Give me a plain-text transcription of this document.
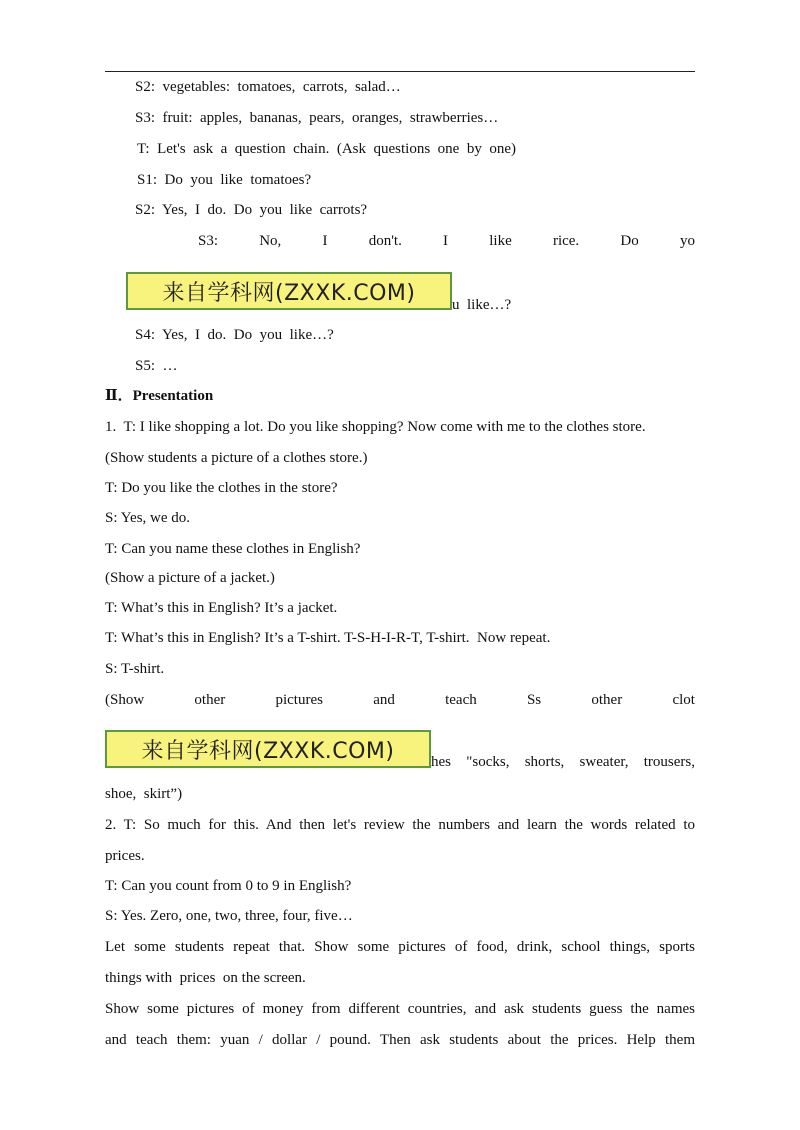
S2:  vegetables:  tomatoes,  carrots,  salad…
S3:  fruit:  apples,  bananas,  pears,  oranges,  strawberries…
T:  Let's  ask  a  question  chain.  (Ask  questions  one  by  one)
S1:  Do  you  like  tomatoes?
S2:  Yes,  I  do.  Do  you  like  carrots?
S3:	No,	I	don't.	I	like	rice.	Do	yo
来自学科网(ZXXK.COM) u  like…?
S4:  Yes,  I  do.  Do  you  like…?
S5:  …
Ⅱ．Presentation
1.  T: I like shopping a lot. Do you like shopping? Now come with me to the clothes store.
(Show students a picture of a clothes store.)
T: Do you like the clothes in the store?
S: Yes, we do.
T: Can you name these clothes in English?
(Show a picture of a jacket.)
T: What’s this in English? It’s a jacket.
T: What’s this in English? It’s a T-shirt. T-S-H-I-R-T, T-shirt.  Now repeat.
S: T-shirt.
(Show	other	pictures	and	teach	Ss	other	clot
来自学科网(ZXXK.COM) hes "socks, shorts, sweater, trousers,
shoe,  skirt”)
2. T: So much for this. And then let's review the numbers and learn the words related to
prices.
T: Can you count from 0 to 9 in English?
S: Yes. Zero, one, two, three, four, five…
Let some students repeat that. Show some pictures of food, drink, school things, sports
things with  prices  on the screen.
Show some pictures of money from different countries, and ask students guess the names
and teach them: yuan / dollar / pound. Then ask students about the prices. Help them
